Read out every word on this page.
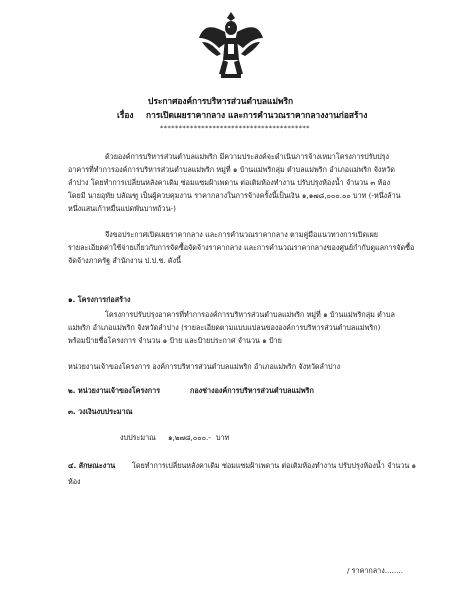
ประกาศองค์การบริหารส่วนตำบลแม่พริก
เรื่อง การเปิดเผยราคากลาง และการคำนวณราคากลางงานก่อสร้าง
****************************************
ด้วยองค์การบริหารส่วนตำบลแม่พริก มีความประสงค์จะดำเนินการจ้างเหมาโครงการปรับปรุง
อาคารที่ทำการองค์การบริหารส่วนตำบลแม่พริก หมู่ที่ ๑ บ้านแม่พริกลุ่ม ตำบลแม่พริก อำเภอแม่พริก จังหวัด
ลำปาง โดยทำการเปลี่ยนหลังคาเดิม ซ่อมแซมฝ้าเพดาน ต่อเติมห้องทำงาน ปรับปรุงห้องน้ำ จำนวน ๓ ห้อง
โดยมี นายอุทัย บลัณฑู เป็นผู้ควบคุมงาน ราคากลางในการจ้างครั้งนี้เป็นเงิน ๑,๑๗๘,๐๐๐.๐๐ บาท (-หนึ่งล้าน
หนึ่งแสนเก้าหมื่นแปดพันบาทถ้วน-)
จึงขอประกาศเปิดเผยราคากลาง และการคำนวณราคากลาง ตามคู่มือแนวทางการเปิดเผย
รายละเอียดค่าใช้จ่ายเกี่ยวกับการจัดซื้อจัดจ้างราคากลาง และการคำนวณราคากลางของศูนย์กำกับดูแลการจัดซื้อ
จัดจ้างภาครัฐ สำนักงาน ป.ป.ช. ดังนี้
๑. โครงการก่อสร้าง
โครงการปรับปรุงอาคารที่ทำการองค์การบริหารส่วนตำบลแม่พริก หมู่ที่ ๑ บ้านแม่พริกลุ่ม ตำบล
แม่พริก อำเภอแม่พริก จังหวัดลำปาง (รายละเอียดตามแบบแปลนขององค์การบริหารส่วนตำบลแม่พริก)
พร้อมป้ายชื่อโครงการ จำนวน ๑ ป้าย และป้ายประกาศ จำนวน ๑ ป้าย
หน่วยงานเจ้าของโครงการ องค์การบริหารส่วนตำบลแม่พริก อำเภอแม่พริก จังหวัดลำปาง
๒. หน่วยงานเจ้าของโครงการ	กองช่างองค์การบริหารส่วนตำบลแม่พริก
๓. วงเงินงบประมาณ
งบประมาณ ๑,๒๗๘,๐๐๐.- บาท
๔. ลักษณะงาน โดยทำการเปลี่ยนหลังคาเดิม ซ่อมแซมฝ้าเพดาน ต่อเติมห้องทำงาน ปรับปรุงห้องน้ำ จำนวน ๑
ห้อง
/ ราคากลาง........
